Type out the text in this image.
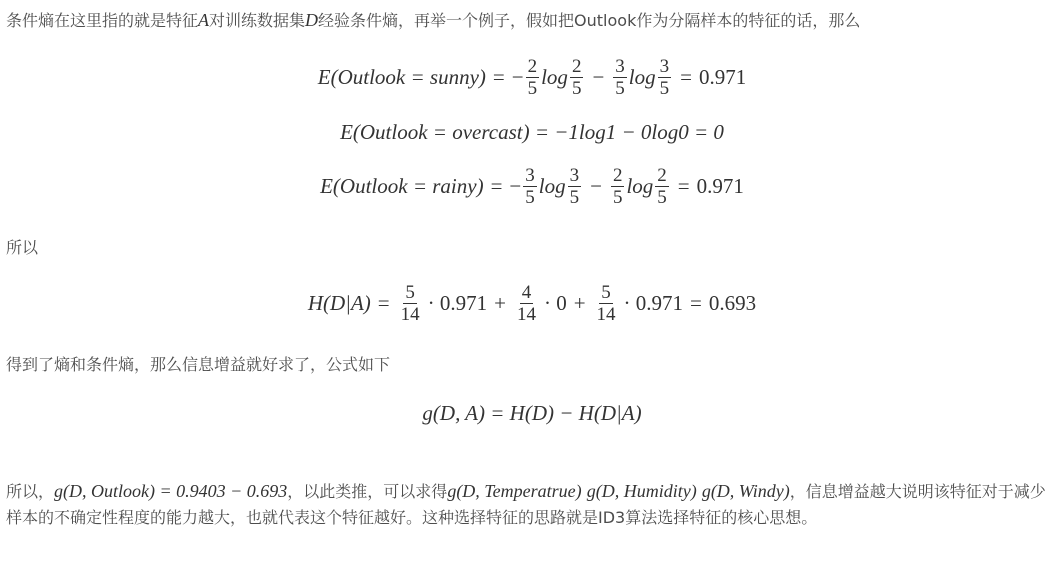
条件熵在这里指的就是特征A对训练数据集D经验条件熵，再举一个例子，假如把Outlook作为分隔样本的特征的话，那么
E(Outlook = sunny) = − $\frac{2}{5}$ $\log \frac{2}{5} - \frac{3}{5}$ $\log \frac{3}{5} = 0.971$
E(Outlook = overcast) = −1log1 − 0log0 = 0
E(Outlook = rainy) = − $\frac{3}{5}$ $\log \frac{3}{5} - \frac{2}{5}$ $\log \frac{2}{5} = 0.971$
所以
$H(D|A) = \frac{5}{14} \cdot 0.971 + \frac{4}{14} \cdot 0 + \frac{5}{14} \cdot 0.971 = 0.693$
得到了熵和条件熵，那么信息增益就好求了，公式如下
g(D, A) = H(D) − H(D|A)
所以，g(D, Outlook) = 0.9403 − 0.693，以此类推，可以求得g(D, Temperatrue) g(D, Humidity) g(D, Windy)，信息增益越大说明该特征对于减少样本的不确定性程度的能力越大，也就代表这个特征越好。这种选择特征的思路就是ID3算法选择特征的核心思想。
